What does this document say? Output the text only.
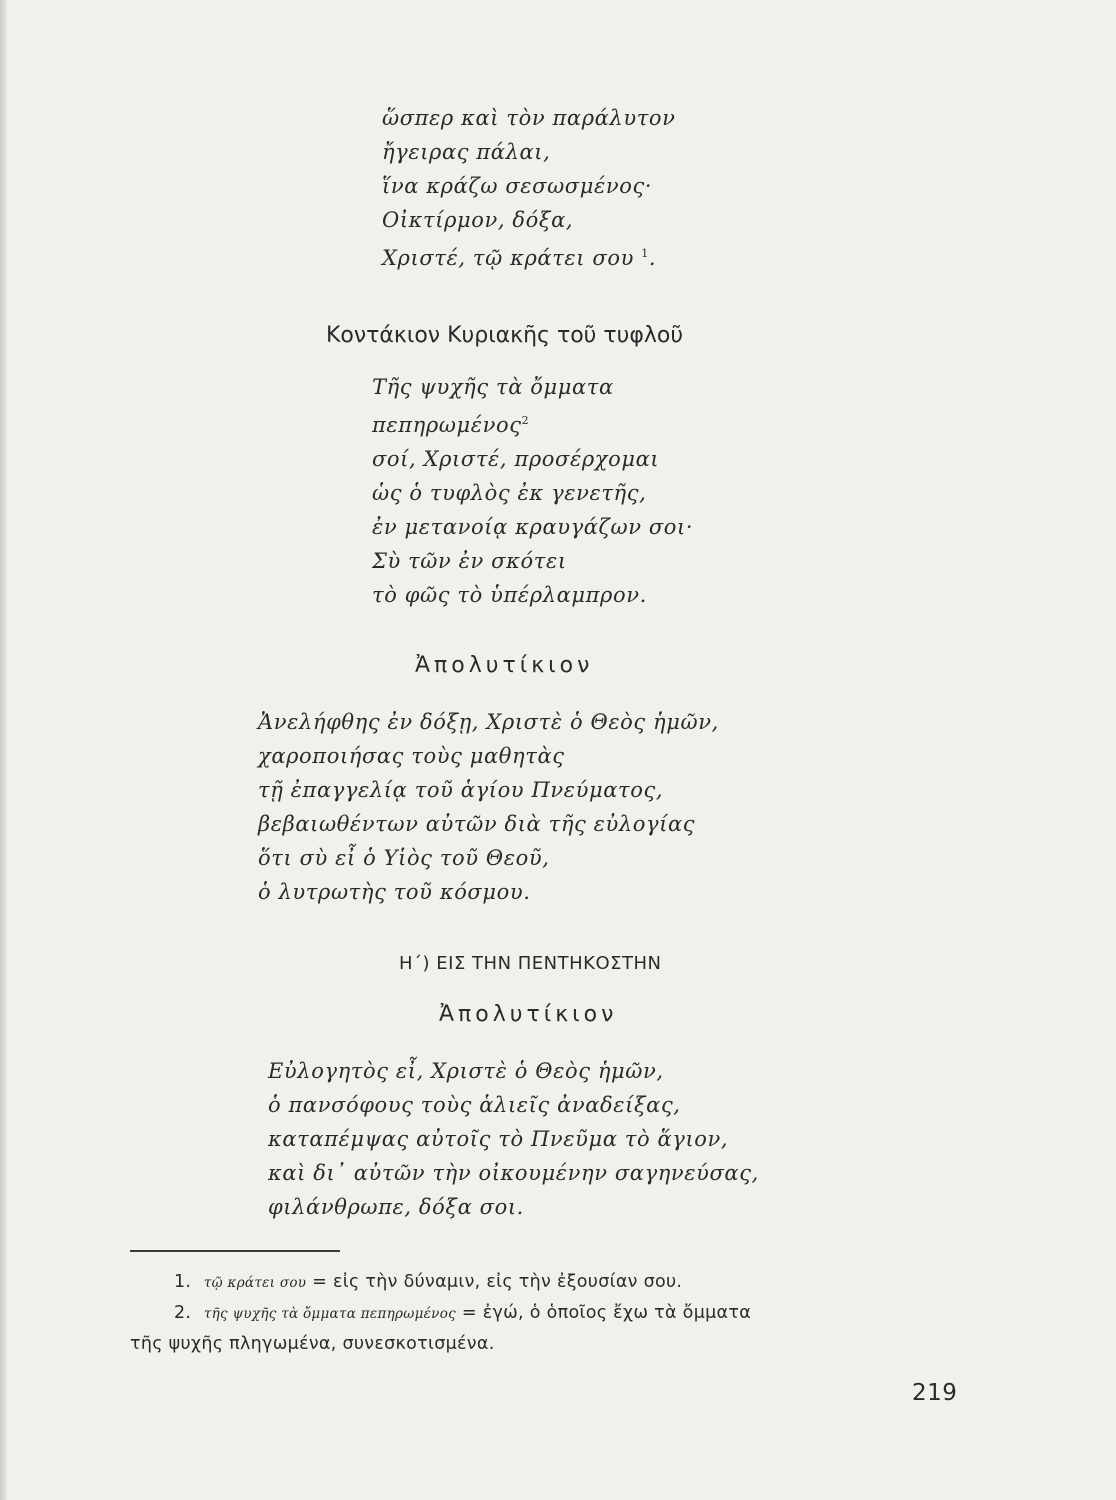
ὥσπερ καὶ τὸν παράλυτον
ἤγειρας πάλαι,
ἵνα κράζω σεσωσμένος·
Οἰκτίρμον, δόξα,
Χριστέ, τῷ κράτει σου $^1$.
Κοντάκιον Κυριακῆς τοῦ τυφλοῦ
Τῆς ψυχῆς τὰ ὄμματα
πεπηρωμένος$^2$
σοί, Χριστέ, προσέρχομαι
ὡς ὁ τυφλὸς ἐκ γενετῆς,
ἐν μετανοίᾳ κραυγάζων σοι·
Σὺ τῶν ἐν σκότει
τὸ φῶς τὸ ὑπέρλαμπρον.
Ἀπολυτίκιον
Ἀνελήφθης ἐν δόξῃ, Χριστὲ ὁ Θεὸς ἡμῶν,
χαροποιήσας τοὺς μαθητὰς
τῇ ἐπαγγελίᾳ τοῦ ἁγίου Πνεύματος,
βεβαιωθέντων αὐτῶν διὰ τῆς εὐλογίας
ὅτι σὺ εἶ ὁ Υἱὸς τοῦ Θεοῦ,
ὁ λυτρωτὴς τοῦ κόσμου.
Η΄) ΕΙΣ ΤΗΝ ΠΕΝΤΗΚΟΣΤΗΝ
Ἀπολυτίκιον
Εὐλογητὸς εἶ, Χριστὲ ὁ Θεὸς ἡμῶν,
ὁ πανσόφους τοὺς ἁλιεῖς ἀναδείξας,
καταπέμψας αὐτοῖς τὸ Πνεῦμα τὸ ἅγιον,
καὶ δι᾿ αὐτῶν τὴν οἰκουμένην σαγηνεύσας,
φιλάνθρωπε, δόξα σοι.

1. τῷ κράτει σου = εἰς τὴν δύναμιν, εἰς τὴν ἐξουσίαν σου.

2. τῆς ψυχῆς τὰ ὄμματα πεπηρωμένος = ἐγώ, ὁ ὁποῖος ἔχω τὰ ὄμματα

τῆς ψυχῆς πληγωμένα, συνεσκοτισμένα.

219
